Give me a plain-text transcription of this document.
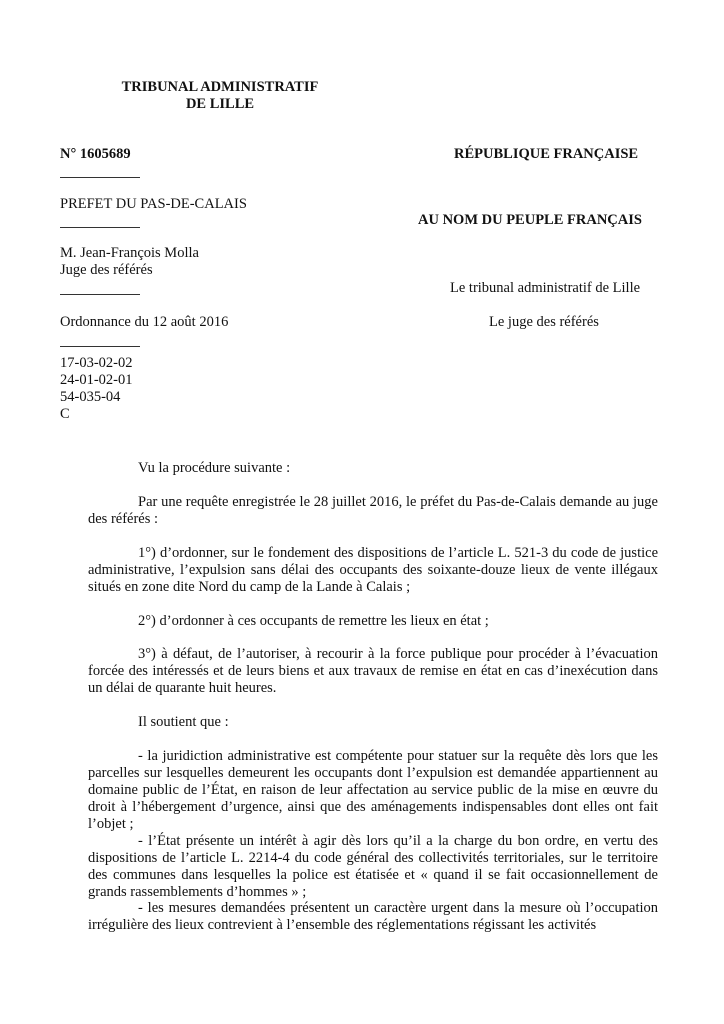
TRIBUNAL ADMINISTRATIF
DE LILLE
N° 1605689	RÉPUBLIQUE FRANÇAISE
PREFET DU PAS-DE-CALAIS
AU NOM DU PEUPLE FRANÇAIS
M. Jean-François Molla
Juge des référés
Le tribunal administratif de Lille
Ordonnance du 12 août 2016	Le juge des référés
17-03-02-02
24-01-02-01
54-035-04
C
Vu la procédure suivante :
Par une requête enregistrée le 28 juillet 2016, le préfet du Pas-de-Calais demande au juge des référés :
1°) d’ordonner, sur le fondement des dispositions de l’article L. 521-3 du code de justice administrative, l’expulsion sans délai des occupants des soixante-douze lieux de vente illégaux situés en zone dite Nord du camp de la Lande à Calais ;
2°) d’ordonner à ces occupants de remettre les lieux en état ;
3°) à défaut, de l’autoriser, à recourir à la force publique pour procéder à l’évacuation forcée des intéressés et de leurs biens et aux travaux de remise en état en cas d’inexécution dans un délai de quarante huit heures.
Il soutient que :
- la juridiction administrative est compétente pour statuer sur la requête dès lors que les parcelles sur lesquelles demeurent les occupants dont l’expulsion est demandée appartiennent au domaine public de l’État, en raison de leur affectation au service public de la mise en œuvre du droit à l’hébergement d’urgence, ainsi que des aménagements indispensables dont elles ont fait l’objet ;
- l’État présente un intérêt à agir dès lors qu’il a la charge du bon ordre, en vertu des dispositions de l’article L. 2214-4 du code général des collectivités territoriales, sur le territoire des communes dans lesquelles la police est étatisée et « quand il se fait occasionnellement de grands rassemblements d’hommes » ;
- les mesures demandées présentent un caractère urgent dans la mesure où l’occupation irrégulière des lieux contrevient à l’ensemble des réglementations régissant les activités
